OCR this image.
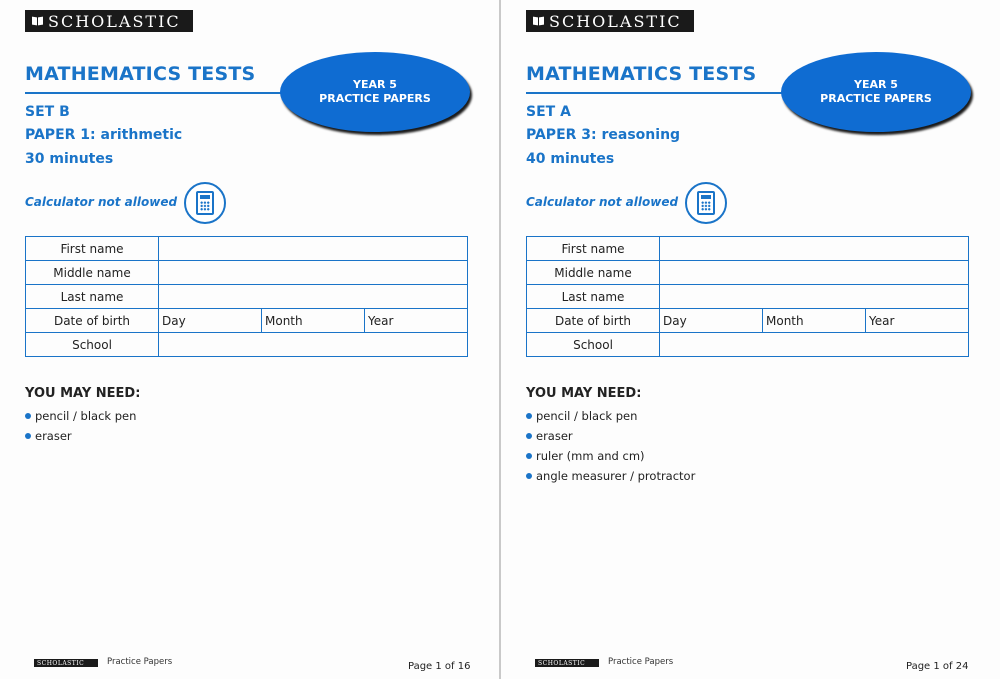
SCHOLASTIC
MATHEMATICS TESTS	YEAR 5
PRACTICE PAPERS
SET B
PAPER 1: arithmetic
30 minutes
Calculator not allowed
First name
Middle name
Last name
Date of birth	Day	Month	Year
School
YOU MAY NEED:
pencil / black pen
eraser
SCHOLASTIC	Practice Papers	Page 1 of 16
SCHOLASTIC
MATHEMATICS TESTS	YEAR 5
PRACTICE PAPERS
SET A
PAPER 3: reasoning
40 minutes
Calculator not allowed
First name
Middle name
Last name
Date of birth	Day	Month	Year
School
YOU MAY NEED:
pencil / black pen
eraser
ruler (mm and cm)
angle measurer / protractor
SCHOLASTIC	Practice Papers	Page 1 of 24
